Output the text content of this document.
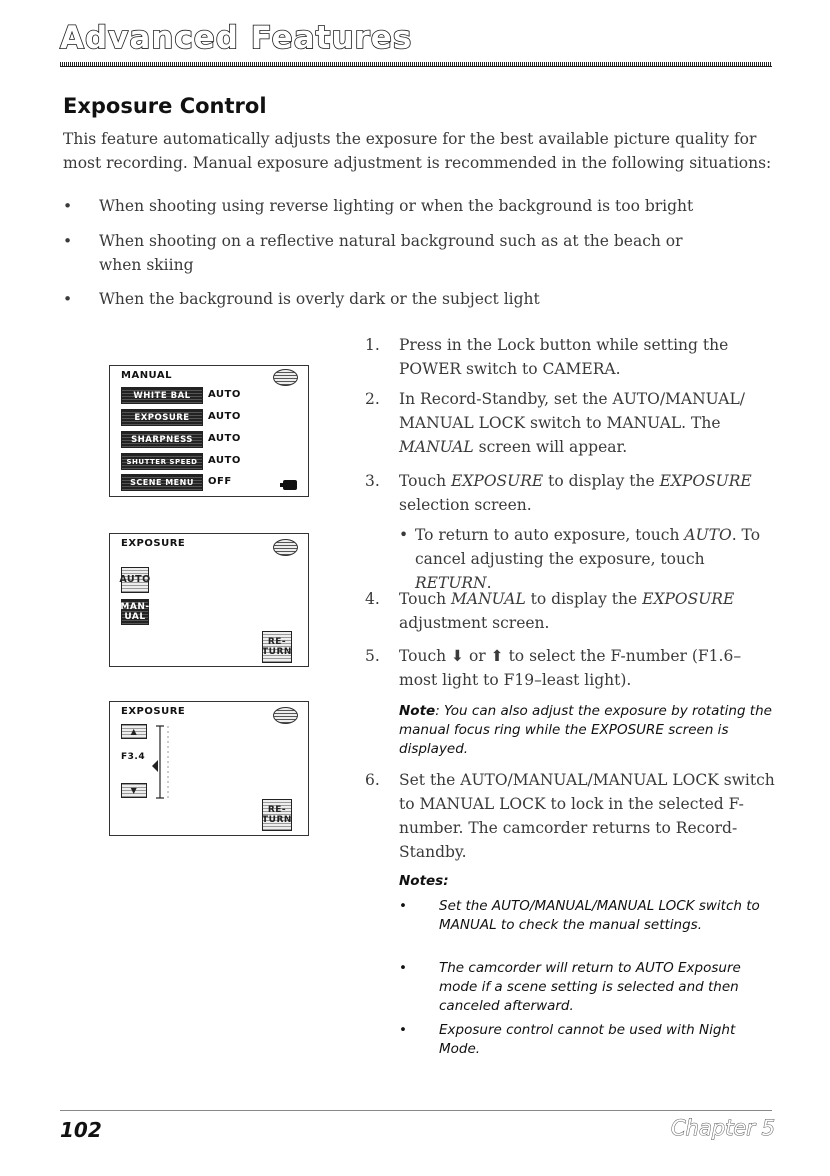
Advanced Features
Exposure Control
This feature automatically adjusts the exposure for the best available picture quality for most recording. Manual exposure adjustment is recommended in the following situations:
• When shooting using reverse lighting or when the background is too bright
• When shooting on a reflective natural background such as at the beach or when skiing
• When the background is overly dark or the subject light
1. Press in the Lock button while setting the POWER switch to CAMERA.
2. In Record-Standby, set the AUTO/MANUAL/ MANUAL LOCK switch to MANUAL. The MANUAL screen will appear.
3. Touch EXPOSURE to display the EXPOSURE selection screen.
• To return to auto exposure, touch AUTO. To cancel adjusting the exposure, touch RETURN.
4. Touch MANUAL to display the EXPOSURE adjustment screen.
5. Touch ⬇ or ⬆ to select the F-number (F1.6–most light to F19–least light).
Note: You can also adjust the exposure by rotating the manual focus ring while the EXPOSURE screen is displayed.
6. Set the AUTO/MANUAL/MANUAL LOCK switch to MANUAL LOCK to lock in the selected F-number. The camcorder returns to Record-Standby.
Notes:
• Set the AUTO/MANUAL/MANUAL LOCK switch to MANUAL to check the manual settings.
• The camcorder will return to AUTO Exposure mode if a scene setting is selected and then canceled afterward.
• Exposure control cannot be used with Night Mode.
MANUAL
WHITE BAL	AUTO
EXPOSURE	AUTO
SHARPNESS	AUTO
SHUTTER SPEED	AUTO
SCENE MENU	OFF
EXPOSURE
AUTO
MAN- UAL
RE- TURN
EXPOSURE
▲
F3.4
▼
RE- TURN
102	Chapter 5
